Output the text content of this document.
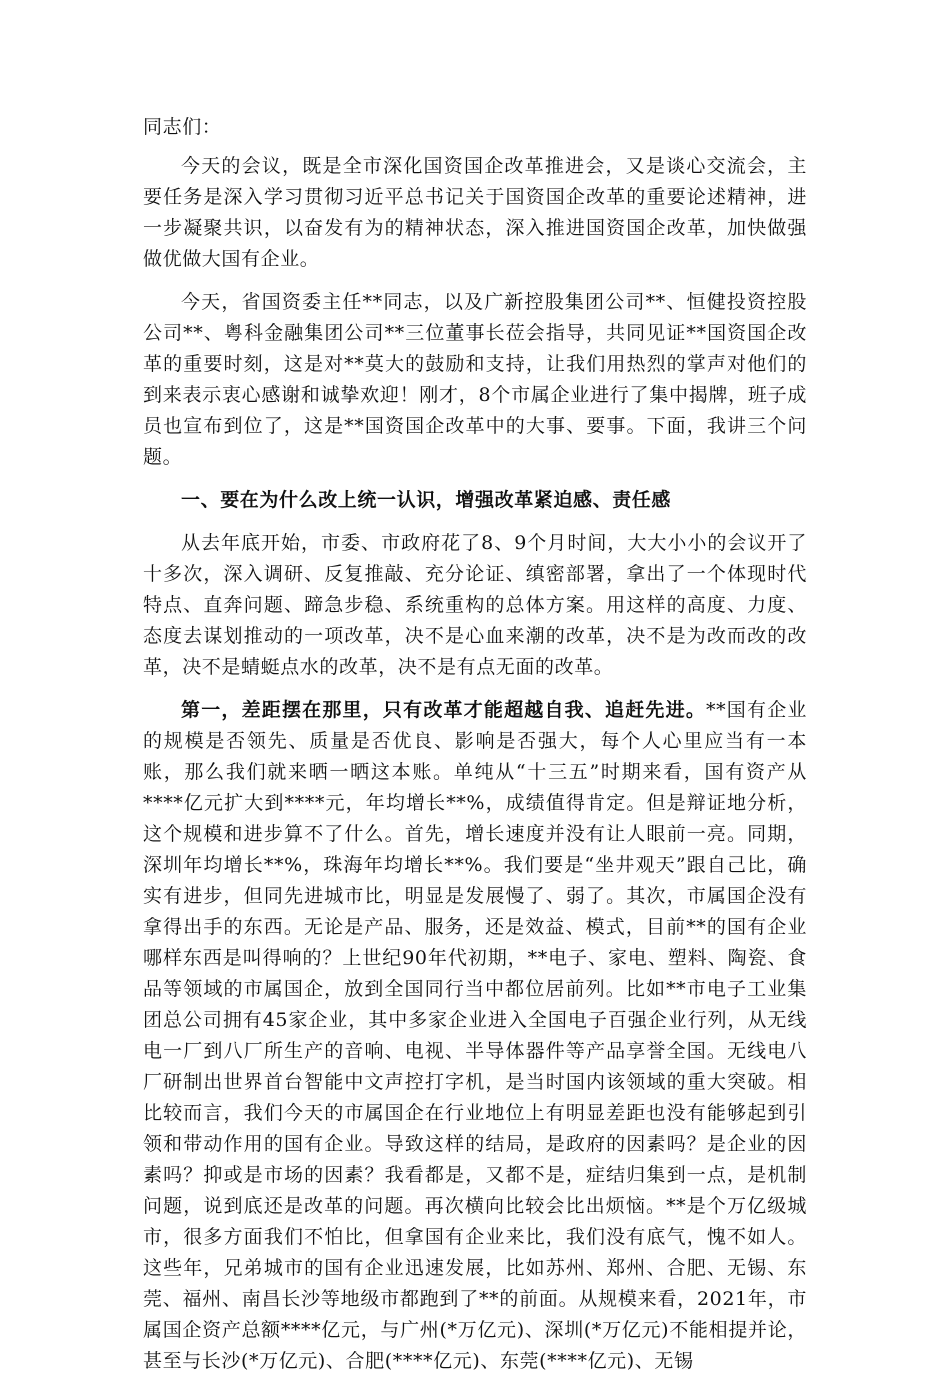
同志们：

今天的会议，既是全市深化国资国企改革推进会，又是谈心交流会，主要任务是深入学习贯彻习近平总书记关于国资国企改革的重要论述精神，进一步凝聚共识，以奋发有为的精神状态，深入推进国资国企改革，加快做强做优做大国有企业。

今天，省国资委主任**同志，以及广新控股集团公司**、恒健投资控股公司**、粤科金融集团公司**三位董事长莅会指导，共同见证**国资国企改革的重要时刻，这是对**莫大的鼓励和支持，让我们用热烈的掌声对他们的到来表示衷心感谢和诚挚欢迎！刚才，8个市属企业进行了集中揭牌，班子成员也宣布到位了，这是**国资国企改革中的大事、要事。下面，我讲三个问题。

一、要在为什么改上统一认识，增强改革紧迫感、责任感

从去年底开始，市委、市政府花了8、9个月时间，大大小小的会议开了十多次，深入调研、反复推敲、充分论证、缜密部署，拿出了一个体现时代特点、直奔问题、蹄急步稳、系统重构的总体方案。用这样的高度、力度、态度去谋划推动的一项改革，决不是心血来潮的改革，决不是为改而改的改革，决不是蜻蜓点水的改革，决不是有点无面的改革。

第一，差距摆在那里，只有改革才能超越自我、追赶先进。**国有企业的规模是否领先、质量是否优良、影响是否强大，每个人心里应当有一本账，那么我们就来晒一晒这本账。单纯从“十三五”时期来看，国有资产从****亿元扩大到****元，年均增长**%，成绩值得肯定。但是辩证地分析，这个规模和进步算不了什么。首先，增长速度并没有让人眼前一亮。同期，深圳年均增长**%，珠海年均增长**%。我们要是“坐井观天”跟自己比，确实有进步，但同先进城市比，明显是发展慢了、弱了。其次，市属国企没有拿得出手的东西。无论是产品、服务，还是效益、模式，目前**的国有企业哪样东西是叫得响的？上世纪90年代初期，**电子、家电、塑料、陶瓷、食品等领域的市属国企，放到全国同行当中都位居前列。比如**市电子工业集团总公司拥有45家企业，其中多家企业进入全国电子百强企业行列，从无线电一厂到八厂所生产的音响、电视、半导体器件等产品享誉全国。无线电八厂研制出世界首台智能中文声控打字机，是当时国内该领域的重大突破。相比较而言，我们今天的市属国企在行业地位上有明显差距也没有能够起到引领和带动作用的国有企业。导致这样的结局，是政府的因素吗？是企业的因素吗？抑或是市场的因素？我看都是，又都不是，症结归集到一点，是机制问题，说到底还是改革的问题。再次横向比较会比出烦恼。**是个万亿级城市，很多方面我们不怕比，但拿国有企业来比，我们没有底气，愧不如人。这些年，兄弟城市的国有企业迅速发展，比如苏州、郑州、合肥、无锡、东莞、福州、南昌长沙等地级市都跑到了**的前面。从规模来看，2021年，市属国企资产总额****亿元，与广州(*万亿元)、深圳(*万亿元)不能相提并论，甚至与长沙(*万亿元)、合肥(****亿元)、东莞(****亿元)、无锡
